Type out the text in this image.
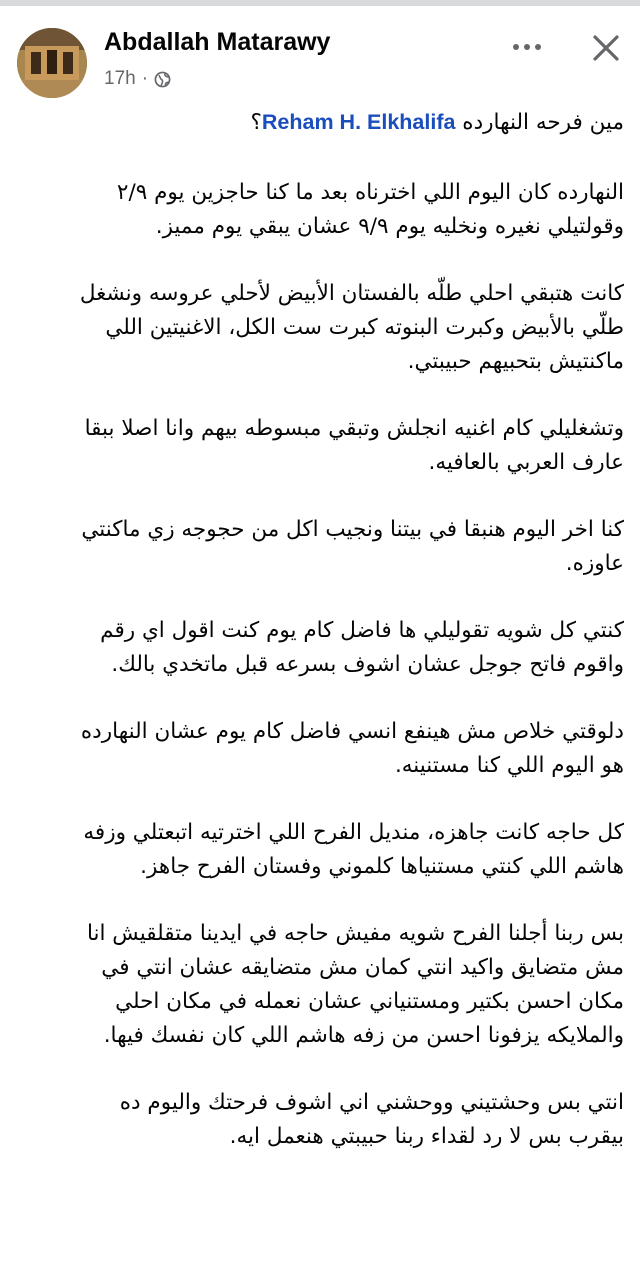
Abdallah Matarawy
17h ·

مين فرحه النهارده Reham H. Elkhalifa؟

النهارده كان اليوم اللي اخترناه بعد ما كنا حاجزين يوم ٢/٩
وقولتيلي نغيره ونخليه يوم ٩/٩ عشان يبقي يوم مميز.

كانت هتبقي احلي طلّه بالفستان الأبيض لأحلي عروسه ونشغل
طلّي بالأبيض وكبرت البنوته كبرت ست الكل، الاغنيتين اللي
ماكنتيش بتحبيهم حبيبتي.

وتشغليلي كام اغنيه انجلش وتبقي مبسوطه بيهم وانا اصلا ببقا
عارف العربي بالعافيه.

كنا اخر اليوم هنبقا في بيتنا ونجيب اكل من حجوجه زي ماكنتي
عاوزه.

كنتي كل شويه تقوليلي ها فاضل كام يوم كنت اقول اي رقم
واقوم فاتح جوجل عشان اشوف بسرعه قبل ماتخدي بالك.

دلوقتي خلاص مش هينفع انسي فاضل كام يوم عشان النهارده
هو اليوم اللي كنا مستنينه.

كل حاجه كانت جاهزه، منديل الفرح اللي اخترتيه اتبعتلي وزفه
هاشم اللي كنتي مستنياها كلموني وفستان الفرح جاهز.

بس ربنا أجلنا الفرح شويه مفيش حاجه في ايدينا متقلقيش انا
مش متضايق واكيد انتي كمان مش متضايقه عشان انتي في
مكان احسن بكتير ومستنياني عشان نعمله في مكان احلي
والملايكه يزفونا احسن من زفه هاشم اللي كان نفسك فيها.

انتي بس وحشتيني ووحشني اني اشوف فرحتك واليوم ده
بيقرب بس لا رد لقداء ربنا حبيبتي هنعمل ايه.
